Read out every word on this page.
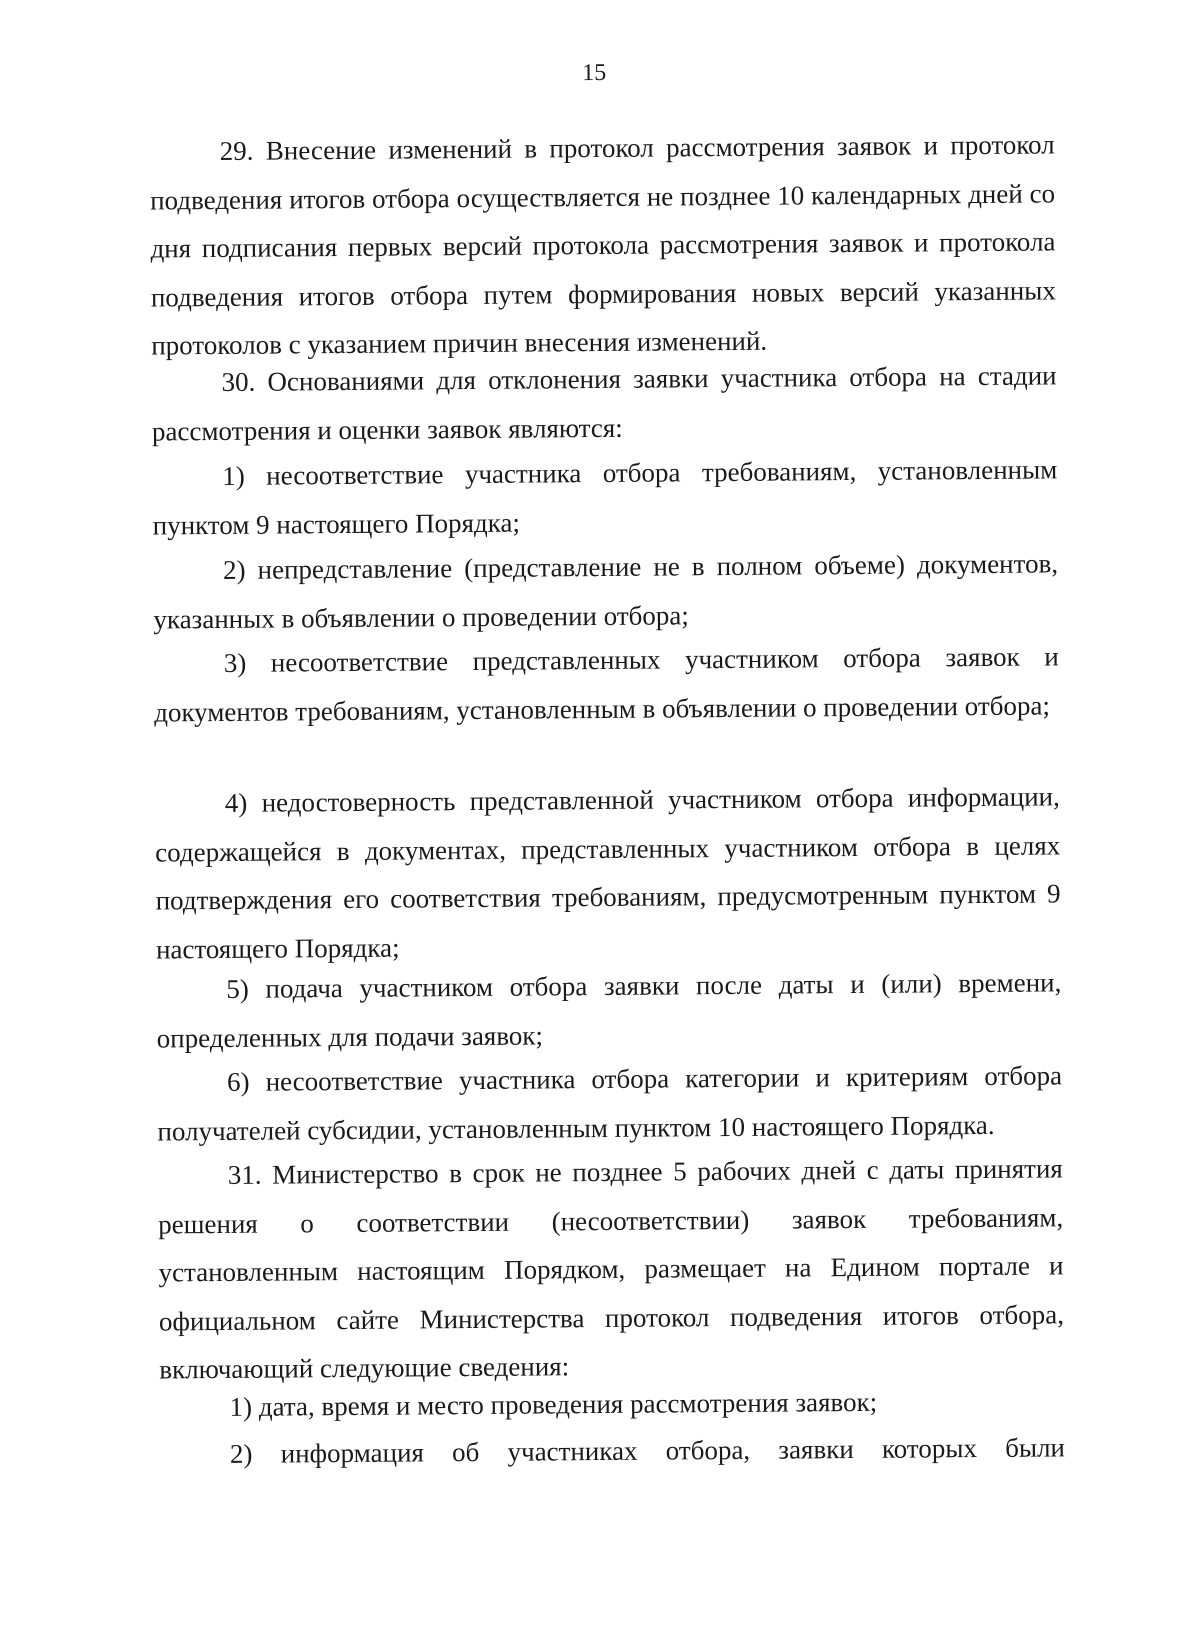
15

29. Внесение изменений в протокол рассмотрения заявок и протокол подведения итогов отбора осуществляется не позднее 10 календарных дней со дня подписания первых версий протокола рассмотрения заявок и протокола подведения итогов отбора путем формирования новых версий указанных протоколов с указанием причин внесения изменений.

30. Основаниями для отклонения заявки участника отбора на стадии рассмотрения и оценки заявок являются:

1) несоответствие участника отбора требованиям, установленным пунктом 9 настоящего Порядка;

2) непредставление (представление не в полном объеме) документов, указанных в объявлении о проведении отбора;

3) несоответствие представленных участником отбора заявок и документов требованиям, установленным в объявлении о проведении отбора;

4) недостоверность представленной участником отбора информации, содержащейся в документах, представленных участником отбора в целях подтверждения его соответствия требованиям, предусмотренным пунктом 9 настоящего Порядка;

5) подача участником отбора заявки после даты и (или) времени, определенных для подачи заявок;

6) несоответствие участника отбора категории и критериям отбора получателей субсидии, установленным пунктом 10 настоящего Порядка.

31. Министерство в срок не позднее 5 рабочих дней с даты принятия решения о соответствии (несоответствии) заявок требованиям, установленным настоящим Порядком, размещает на Едином портале и официальном сайте Министерства протокол подведения итогов отбора, включающий следующие сведения:

1) дата, время и место проведения рассмотрения заявок;

2) информация об участниках отбора, заявки которых были
